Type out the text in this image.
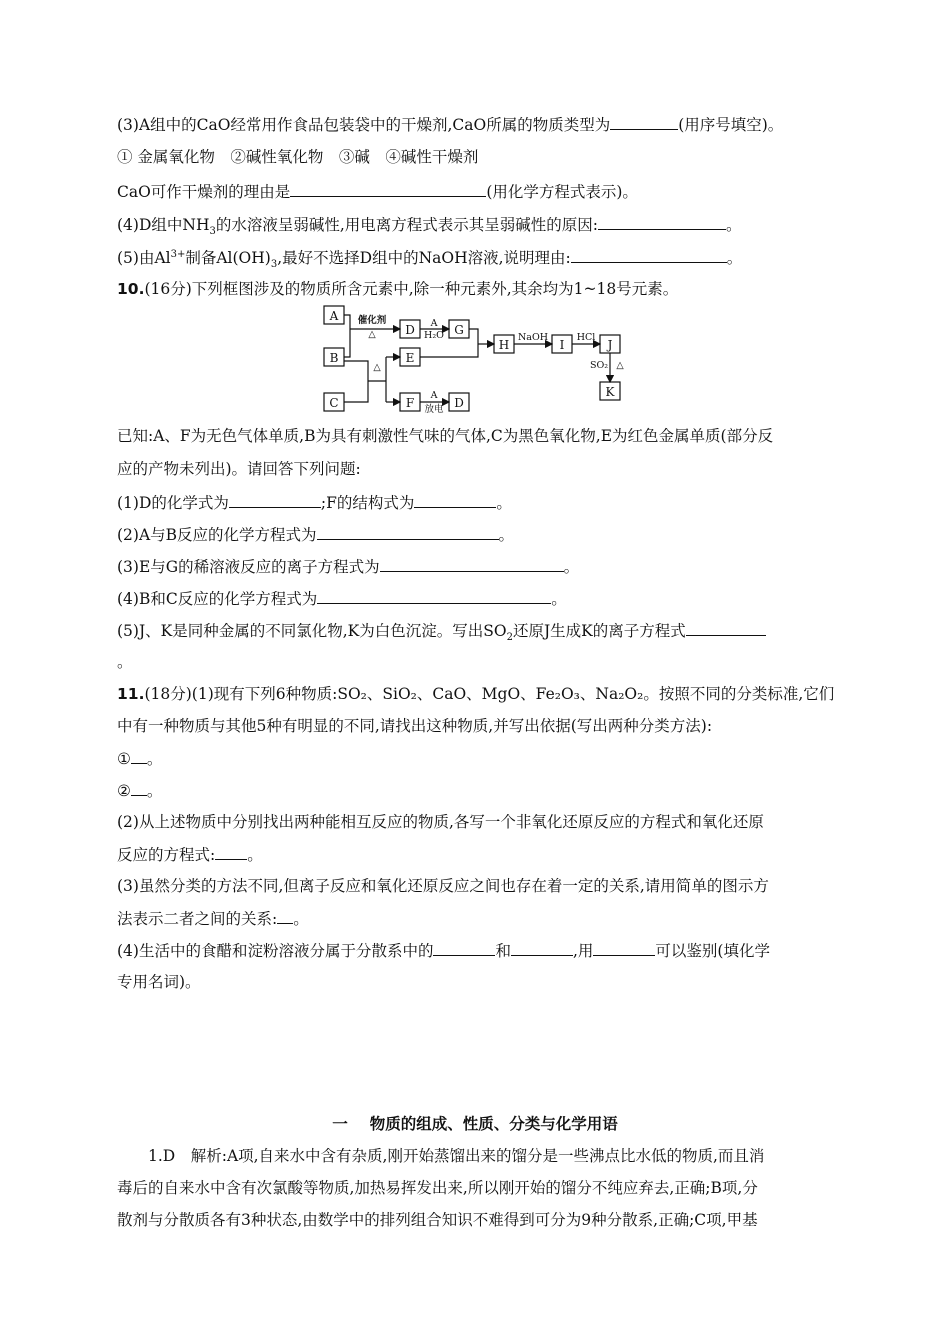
(3)A组中的CaO经常用作食品包装袋中的干燥剂,CaO所属的物质类型为	(用序号填空)。
① 金属氧化物　②碱性氧化物　③碱　④碱性干燥剂
CaO可作干燥剂的理由是	(用化学方程式表示)。
(4)D组中$NH_3$的水溶液呈弱碱性,用电离方程式表示其呈弱碱性的原因:	。
(5)由$Al^{3+}$制备$Al(OH)_3$,最好不选择D组中的NaOH溶液,说明理由:	。
10.(16分)下列框图涉及的物质所含元素中,除一种元素外,其余均为1~18号元素。
A
B
C
D	G
E
H	I	J
K
F	D
催化剂
△
A
H₂O
△
NaOH	HCl
SO₂ △
A
放电
已知:A、F为无色气体单质,B为具有刺激性气味的气体,C为黑色氧化物,E为红色金属单质(部分反
应的产物未列出)。请回答下列问题:
(1)D的化学式为	;F的结构式为	。
(2)A与B反应的化学方程式为	。
(3)E与G的稀溶液反应的离子方程式为	。
(4)B和C反应的化学方程式为	。
(5)J、K是同种金属的不同氯化物,K为白色沉淀。写出$SO_2$还原J生成K的离子方程式
。
11.(18分)(1)现有下列6种物质:SO₂、SiO₂、CaO、MgO、Fe₂O₃、Na₂O₂。按照不同的分类标准,它们
中有一种物质与其他5种有明显的不同,请找出这种物质,并写出依据(写出两种分类方法):
① 。
② 。
(2)从上述物质中分别找出两种能相互反应的物质,各写一个非氧化还原反应的方程式和氧化还原
反应的方程式: 。
(3)虽然分类的方法不同,但离子反应和氧化还原反应之间也存在着一定的关系,请用简单的图示方
法表示二者之间的关系: 。
(4)生活中的食醋和淀粉溶液分属于分散系中的	和	,用	可以鉴别(填化学
专用名词)。
一 物质的组成、性质、分类与化学用语
1.D　解析:A项,自来水中含有杂质,刚开始蒸馏出来的馏分是一些沸点比水低的物质,而且消
毒后的自来水中含有次氯酸等物质,加热易挥发出来,所以刚开始的馏分不纯应弃去,正确;B项,分
散剂与分散质各有3种状态,由数学中的排列组合知识不难得到可分为9种分散系,正确;C项,甲基
